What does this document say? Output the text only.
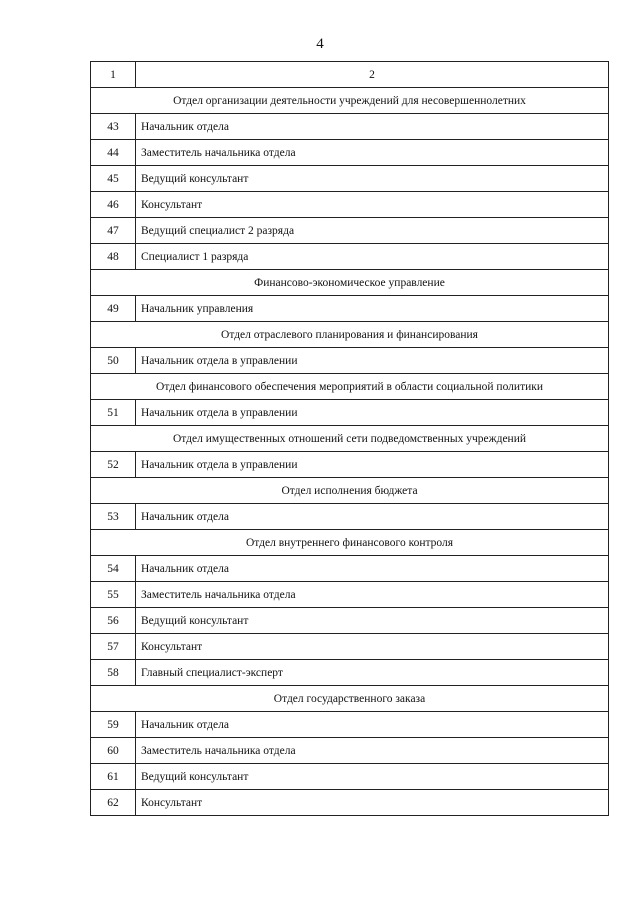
4
1	2
Отдел организации деятельности учреждений для несовершеннолетних	
43	Начальник отдела
44	Заместитель начальника отдела
45	Ведущий консультант
46	Консультант
47	Ведущий специалист 2 разряда
48	Специалист 1 разряда
Финансово-экономическое управление	
49	Начальник управления
Отдел отраслевого планирования и финансирования	
50	Начальник отдела в управлении
Отдел финансового обеспечения мероприятий в области социальной политики	
51	Начальник отдела в управлении
Отдел имущественных отношений сети подведомственных учреждений	
52	Начальник отдела в управлении
Отдел исполнения бюджета	
53	Начальник отдела
Отдел внутреннего финансового контроля	
54	Начальник отдела
55	Заместитель начальника отдела
56	Ведущий консультант
57	Консультант
58	Главный специалист-эксперт
Отдел государственного заказа	
59	Начальник отдела
60	Заместитель начальника отдела
61	Ведущий консультант
62	Консультант
